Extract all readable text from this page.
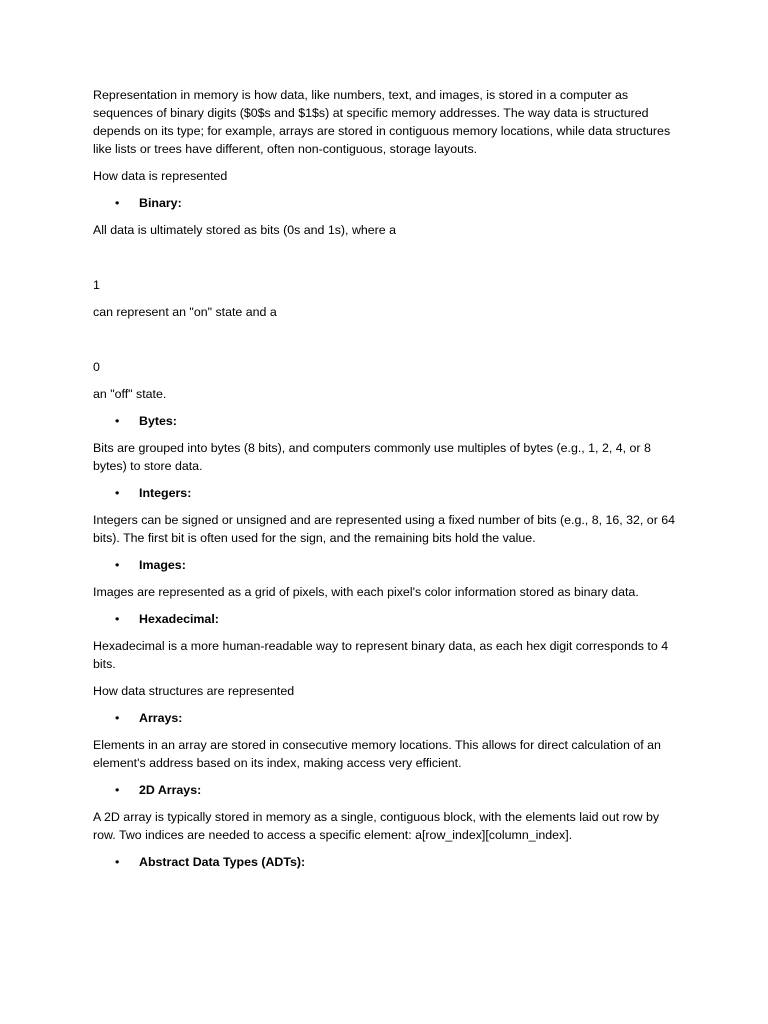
Representation in memory is how data, like numbers, text, and images, is stored in a computer as sequences of binary digits ($0$s and $1$s) at specific memory addresses. The way data is structured depends on its type; for example, arrays are stored in contiguous memory locations, while data structures like lists or trees have different, often non-contiguous, storage layouts.

How data is represented

• Binary:

All data is ultimately stored as bits (0s and 1s), where a

1

can represent an "on" state and a

0

an "off" state.

• Bytes:

Bits are grouped into bytes (8 bits), and computers commonly use multiples of bytes (e.g., 1, 2, 4, or 8 bytes) to store data.

• Integers:

Integers can be signed or unsigned and are represented using a fixed number of bits (e.g., 8, 16, 32, or 64 bits). The first bit is often used for the sign, and the remaining bits hold the value.

• Images:

Images are represented as a grid of pixels, with each pixel's color information stored as binary data.

• Hexadecimal:

Hexadecimal is a more human-readable way to represent binary data, as each hex digit corresponds to 4 bits.

How data structures are represented

• Arrays:

Elements in an array are stored in consecutive memory locations. This allows for direct calculation of an element's address based on its index, making access very efficient.

• 2D Arrays:

A 2D array is typically stored in memory as a single, contiguous block, with the elements laid out row by row. Two indices are needed to access a specific element: a[row_index][column_index].

• Abstract Data Types (ADTs):
